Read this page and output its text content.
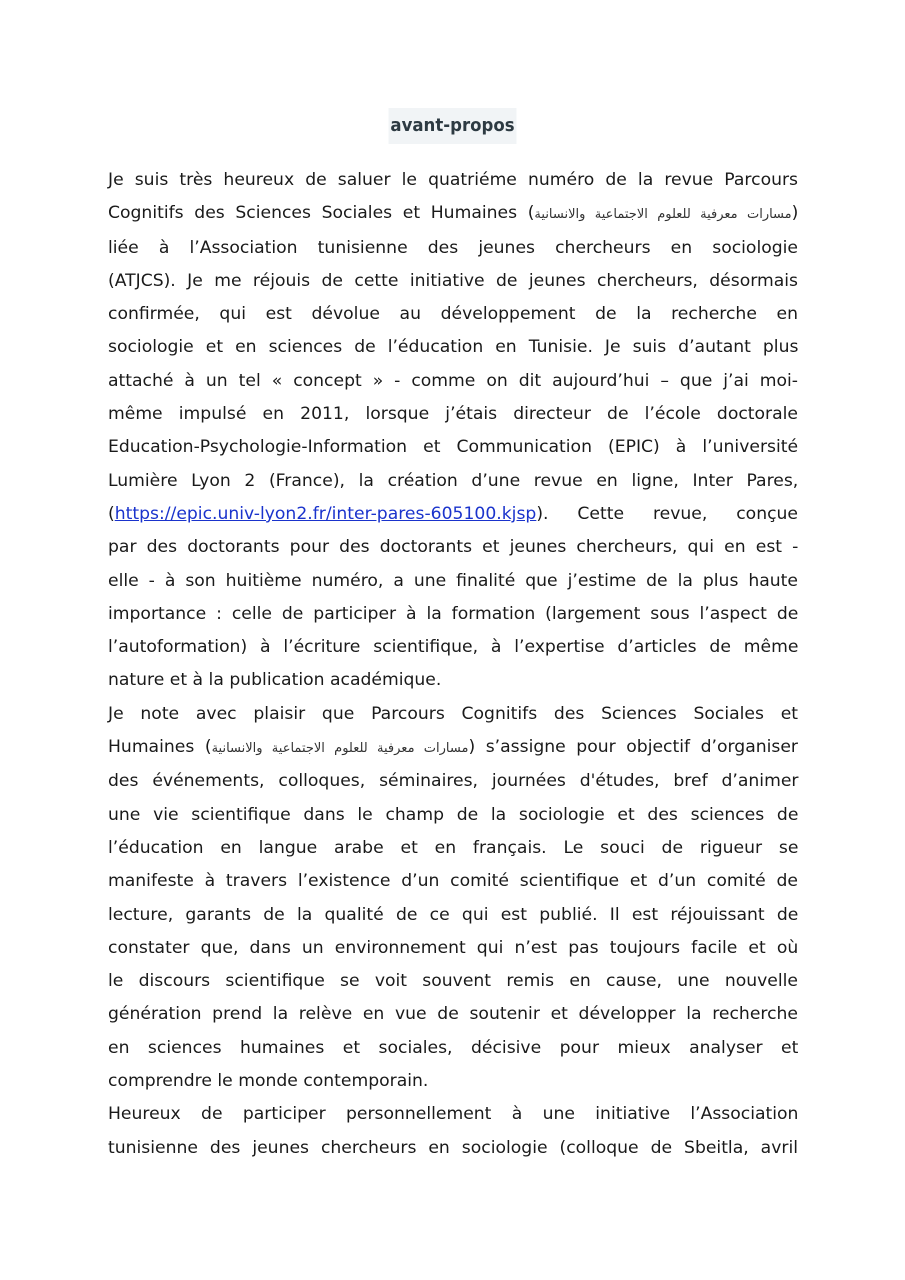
avant-propos

Je suis très heureux de saluer le quatriéme numéro de la revue Parcours
Cognitifs des Sciences Sociales et Humaines (مسارات معرفية للعلوم الاجتماعية والانسانية)
liée à l’Association tunisienne des jeunes chercheurs en sociologie
(ATJCS). Je me réjouis de cette initiative de jeunes chercheurs, désormais
confirmée, qui est dévolue au développement de la recherche en
sociologie et en sciences de l’éducation en Tunisie. Je suis d’autant plus
attaché à un tel « concept » - comme on dit aujourd’hui – que j’ai moi-
même impulsé en 2011, lorsque j’étais directeur de l’école doctorale
Education-Psychologie-Information et Communication (EPIC) à l’université
Lumière Lyon 2 (France), la création d’une revue en ligne, Inter Pares,
(https://epic.univ-lyon2.fr/inter-pares-605100.kjsp). Cette revue, conçue
par des doctorants pour des doctorants et jeunes chercheurs, qui en est -
elle - à son huitième numéro, a une finalité que j’estime de la plus haute
importance : celle de participer à la formation (largement sous l’aspect de
l’autoformation) à l’écriture scientifique, à l’expertise d’articles de même
nature et à la publication académique.

Je note avec plaisir que Parcours Cognitifs des Sciences Sociales et
Humaines (مسارات معرفية للعلوم الاجتماعية والانسانية) s’assigne pour objectif d’organiser
des événements, colloques, séminaires, journées d'études, bref d’animer
une vie scientifique dans le champ de la sociologie et des sciences de
l’éducation en langue arabe et en français. Le souci de rigueur se
manifeste à travers l’existence d’un comité scientifique et d’un comité de
lecture, garants de la qualité de ce qui est publié. Il est réjouissant de
constater que, dans un environnement qui n’est pas toujours facile et où
le discours scientifique se voit souvent remis en cause, une nouvelle
génération prend la relève en vue de soutenir et développer la recherche
en sciences humaines et sociales, décisive pour mieux analyser et
comprendre le monde contemporain.

Heureux de participer personnellement à une initiative l’Association
tunisienne des jeunes chercheurs en sociologie (colloque de Sbeitla, avril
